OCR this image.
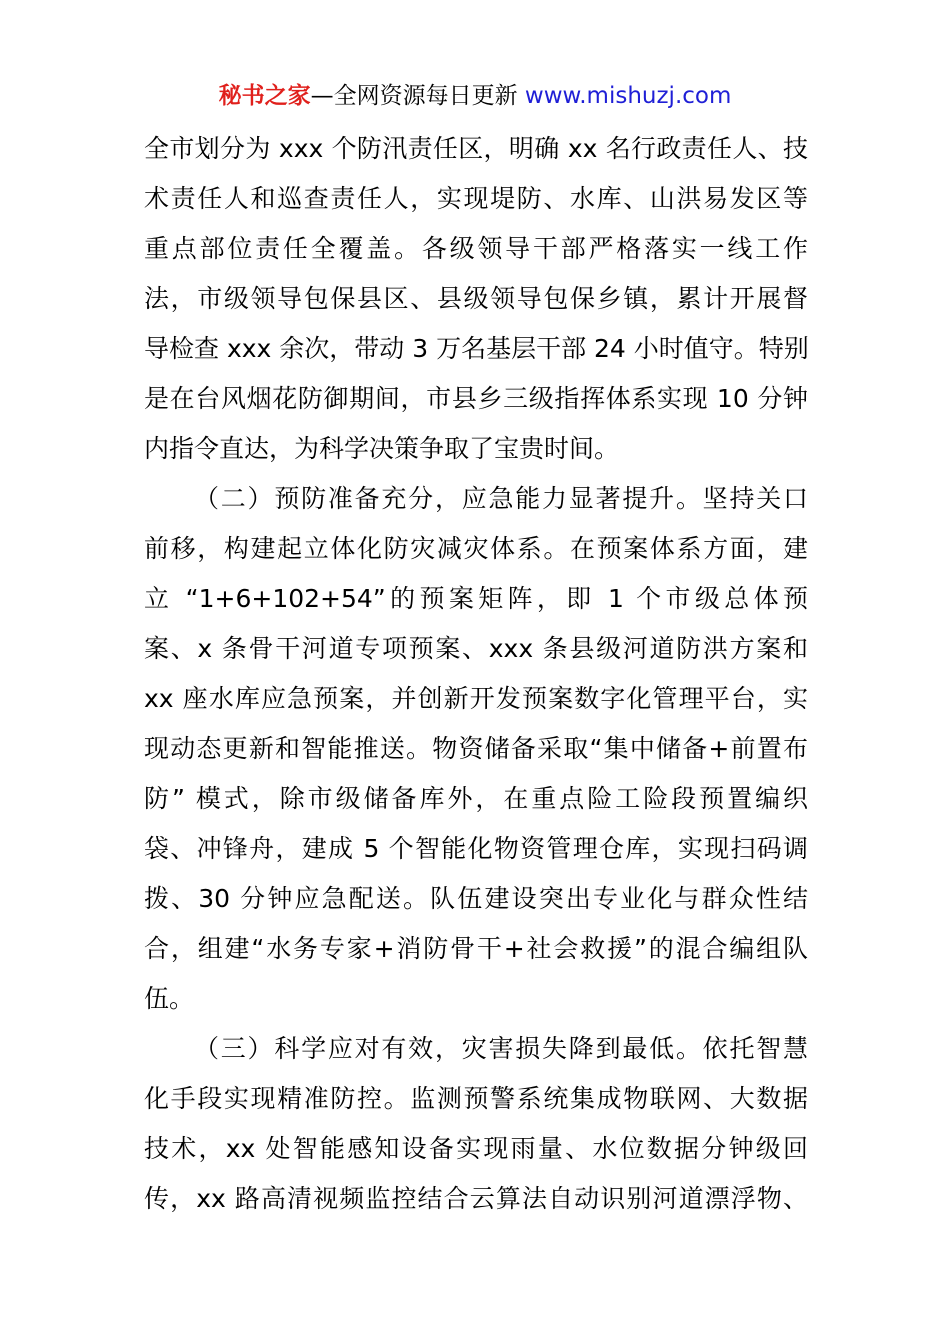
秘书之家—全网资源每日更新 www.mishuzj.com
全市划分为 xxx 个防汛责任区，明确 xx 名行政责任人、技
术责任人和巡查责任人，实现堤防、水库、山洪易发区等
重点部位责任全覆盖。各级领导干部严格落实一线工作
法，市级领导包保县区、县级领导包保乡镇，累计开展督
导检查 xxx 余次，带动 3 万名基层干部 24 小时值守。特别
是在台风烟花防御期间，市县乡三级指挥体系实现 10 分钟
内指令直达，为科学决策争取了宝贵时间。
（二）预防准备充分，应急能力显著提升。坚持关口
前移，构建起立体化防灾减灾体系。在预案体系方面，建
立 “1+6+102+54”的预案矩阵，即 1 个市级总体预
案、x 条骨干河道专项预案、xxx 条县级河道防洪方案和
xx 座水库应急预案，并创新开发预案数字化管理平台，实
现动态更新和智能推送。物资储备采取“集中储备+前置布
防” 模式，除市级储备库外，在重点险工险段预置编织
袋、冲锋舟，建成 5 个智能化物资管理仓库，实现扫码调
拨、30 分钟应急配送。队伍建设突出专业化与群众性结
合，组建“水务专家+消防骨干+社会救援”的混合编组队
伍。
（三）科学应对有效，灾害损失降到最低。依托智慧
化手段实现精准防控。监测预警系统集成物联网、大数据
技术，xx 处智能感知设备实现雨量、水位数据分钟级回
传，xx 路高清视频监控结合云算法自动识别河道漂浮物、
